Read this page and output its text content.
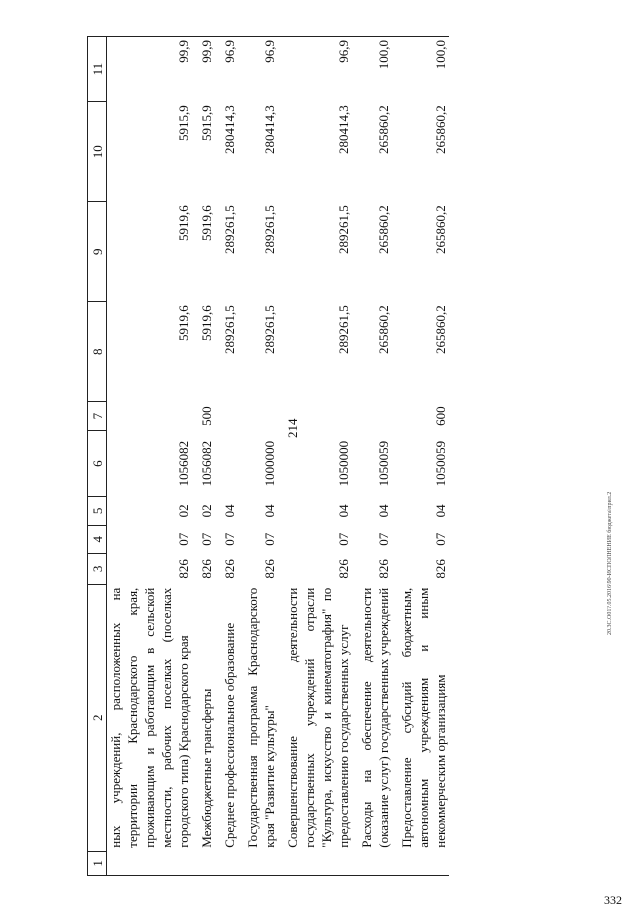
214
1	2	3	4	5	6	7	8	9	10	11
	ных учреждений, расположенных на территории Краснодарского края, проживающим и работающим в сельской местности, рабочих поселках (поселках городского типа) Краснодарского края	826	07	02	1056082		5919,6	5919,6	5915,9	99,9

	Межбюджетные трансферты	826	07	02	1056082	500	5919,6	5919,6	5915,9	99,9

	Среднее профессиональное образование	826	07	04			289261,5	289261,5	280414,3	96,9

	Государственная программа Краснодарского края "Развитие культуры"	826	07	04	1000000		289261,5	289261,5	280414,3	96,9

	Совершенствование деятельности государственных учреждений отрасли "Культура, искусство и кинематография" по предоставлению государственных услуг	826	07	04	1050000		289261,5	289261,5	280414,3	96,9

	Расходы на обеспечение деятельности (оказание услуг) государственных учреждений	826	07	04	1050059		265860,2	265860,2	265860,2	100,0

	Предоставление субсидий бюджетным, автономным учреждениям и иным некоммерческим организациям	826	07	04	1050059	600	265860,2	265860,2	265860,2	100,0
20.3C.O01?.05.2016\90-ИСПОЛНЕНИЕ бюджета\прил.2
332
